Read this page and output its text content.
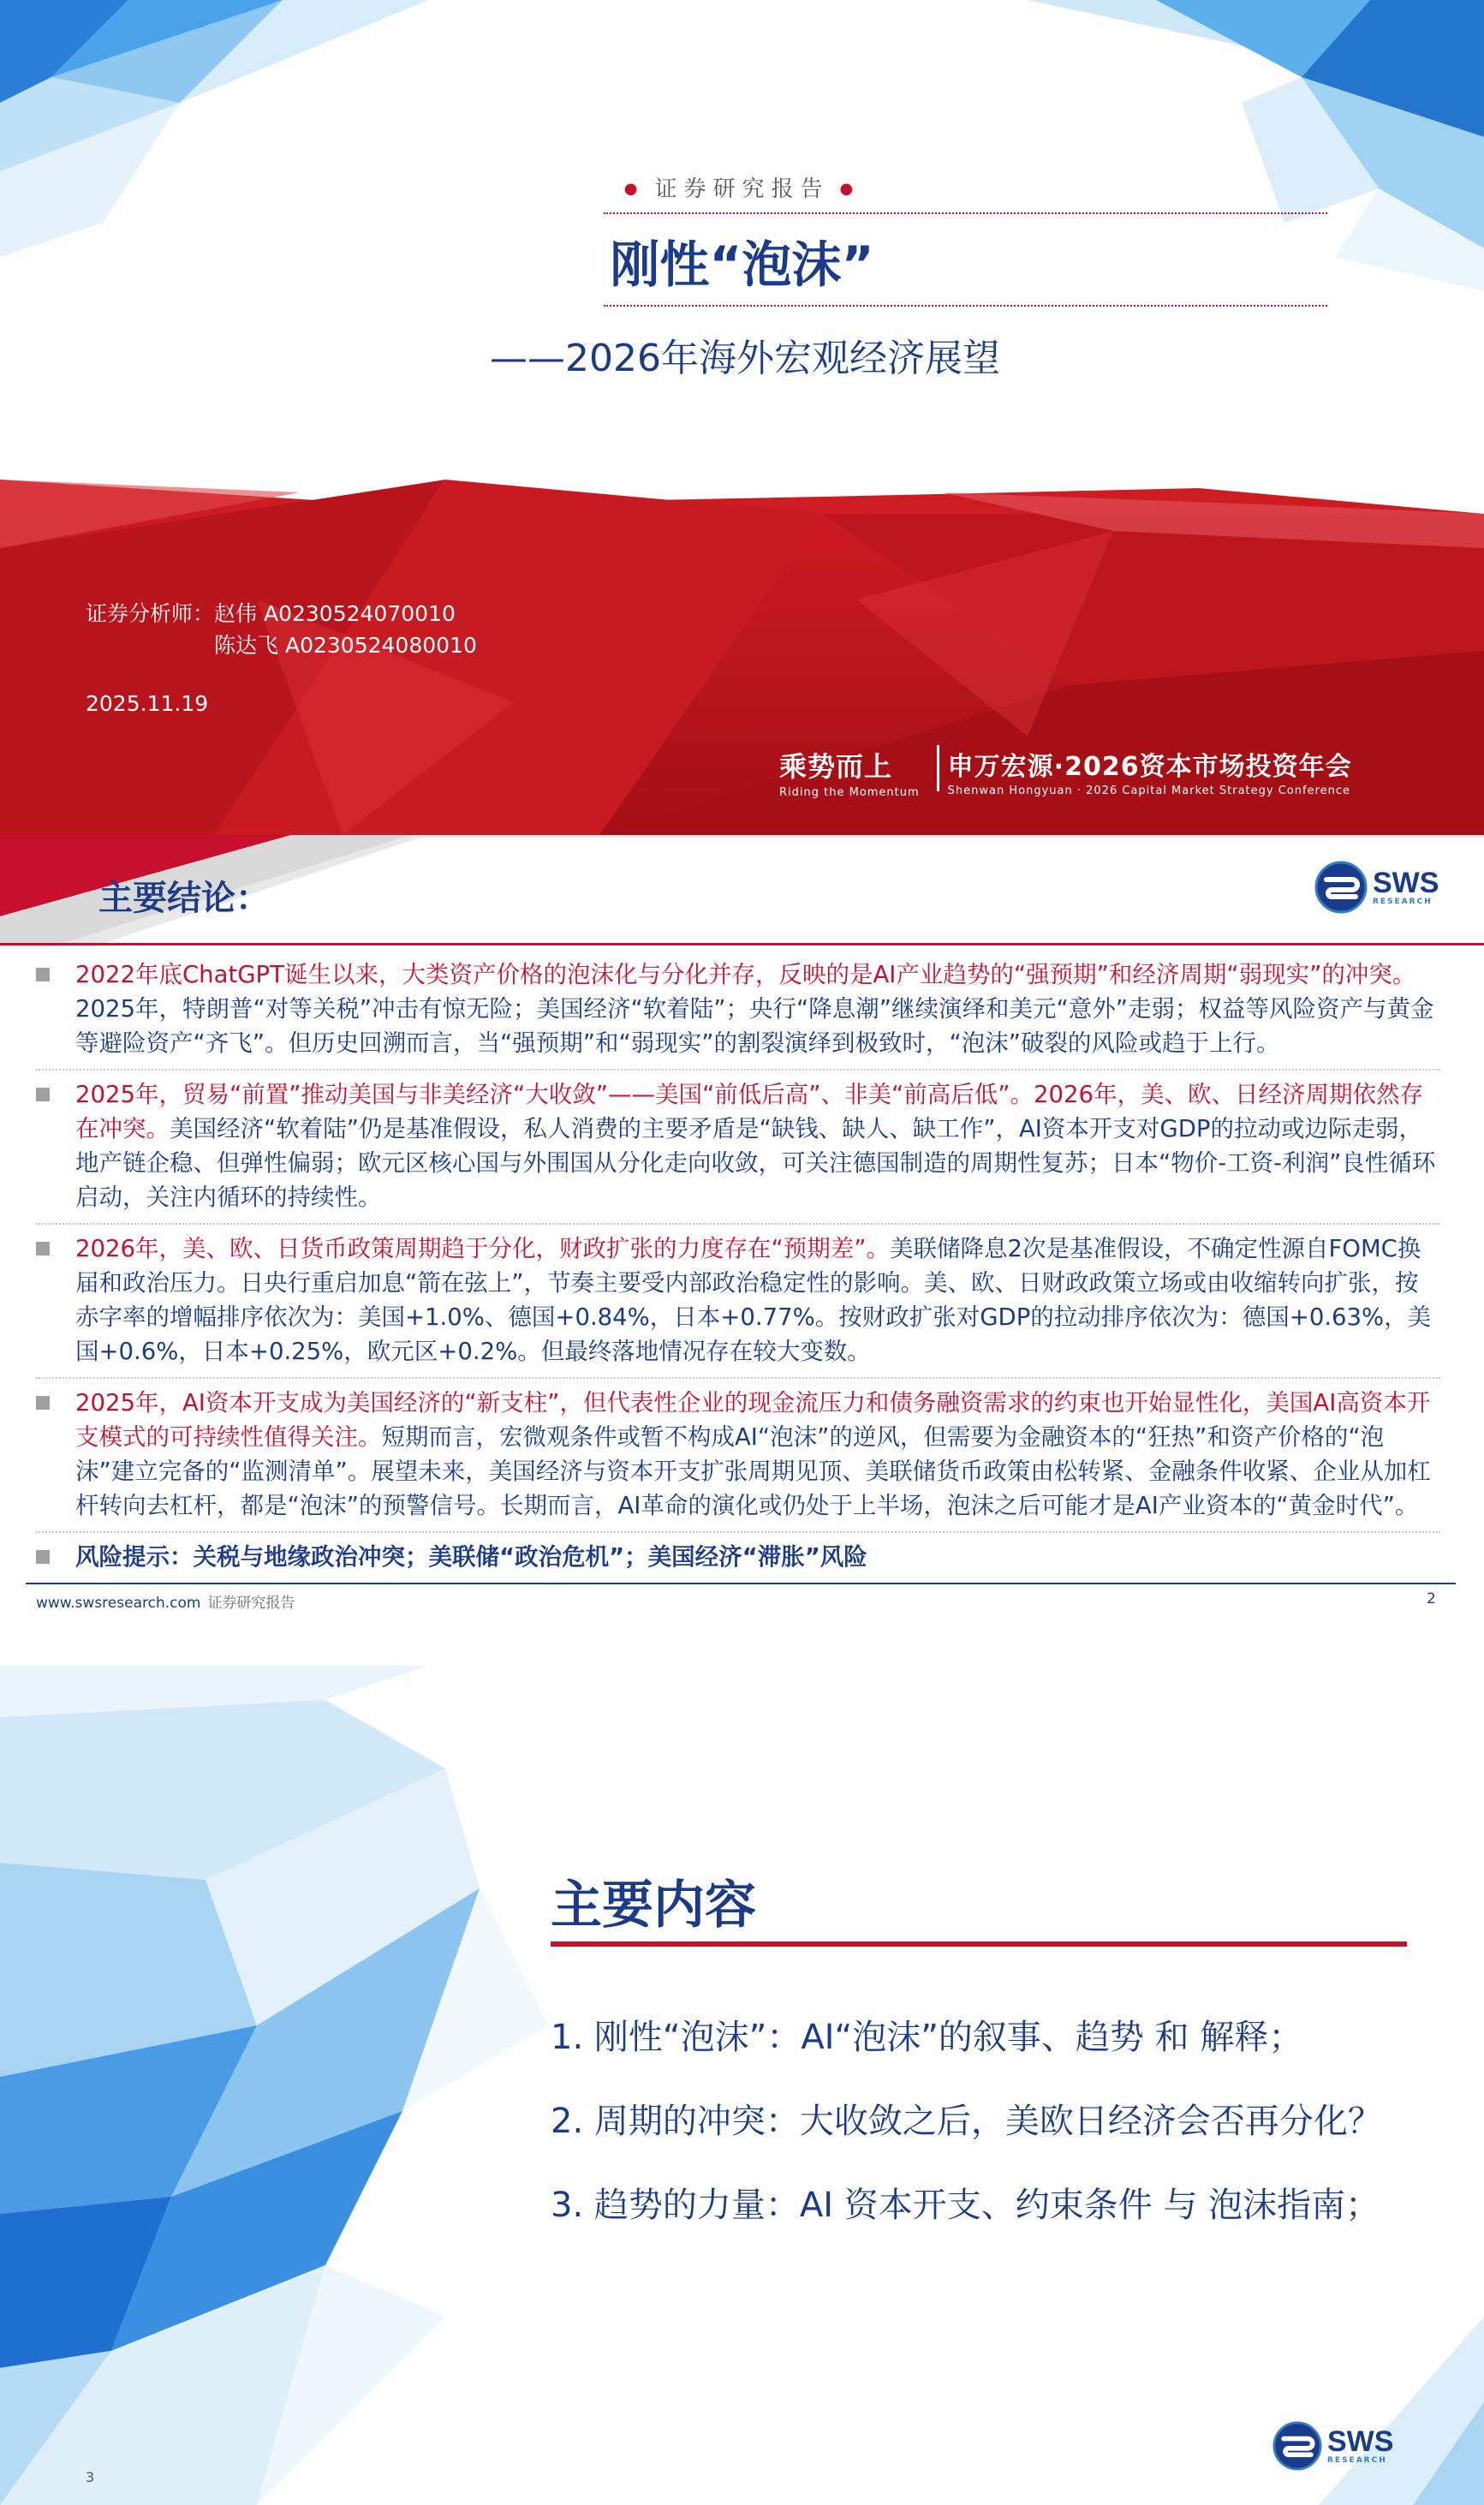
● 证券研究报告 ●
刚性“泡沫”
——2026年海外宏观经济展望
证券分析师： 赵伟 A0230524070010
陈达飞 A0230524080010
2025.11.19
乘势而上
Riding the Momentum
申万宏源·2026资本市场投资年会
Shenwan Hongyuan · 2026 Capital Market Strategy Conference
主要结论：	SWS
RESEARCH
2022年底ChatGPT诞生以来，大类资产价格的泡沫化与分化并存，反映的是AI产业趋势的“强预期”和经济周期“弱现实”的冲突。2025年，特朗普“对等关税”冲击有惊无险；美国经济“软着陆”；央行“降息潮”继续演绎和美元“意外”走弱；权益等风险资产与黄金等避险资产“齐飞”。但历史回溯而言，当“强预期”和“弱现实”的割裂演绎到极致时，“泡沫”破裂的风险或趋于上行。
2025年，贸易“前置”推动美国与非美经济“大收敛”——美国“前低后高”、非美“前高后低”。2026年，美、欧、日经济周期依然存在冲突。美国经济“软着陆”仍是基准假设，私人消费的主要矛盾是“缺钱、缺人、缺工作”，AI资本开支对GDP的拉动或边际走弱，地产链企稳、但弹性偏弱；欧元区核心国与外围国从分化走向收敛，可关注德国制造的周期性复苏；日本“物价-工资-利润”良性循环启动，关注内循环的持续性。
2026年，美、欧、日货币政策周期趋于分化，财政扩张的力度存在“预期差”。美联储降息2次是基准假设，不确定性源自FOMC换届和政治压力。日央行重启加息“箭在弦上”，节奏主要受内部政治稳定性的影响。美、欧、日财政政策立场或由收缩转向扩张，按赤字率的增幅排序依次为：美国+1.0%、德国+0.84%，日本+0.77%。按财政扩张对GDP的拉动排序依次为：德国+0.63%，美国+0.6%，日本+0.25%，欧元区+0.2%。但最终落地情况存在较大变数。
2025年，AI资本开支成为美国经济的“新支柱”，但代表性企业的现金流压力和债务融资需求的约束也开始显性化，美国AI高资本开支模式的可持续性值得关注。短期而言，宏微观条件或暂不构成AI“泡沫”的逆风，但需要为金融资本的“狂热”和资产价格的“泡沫”建立完备的“监测清单”。展望未来，美国经济与资本开支扩张周期见顶、美联储货币政策由松转紧、金融条件收紧、企业从加杠杆转向去杠杆，都是“泡沫”的预警信号。长期而言，AI革命的演化或仍处于上半场，泡沫之后可能才是AI产业资本的“黄金时代”。
风险提示：关税与地缘政治冲突；美联储“政治危机”；美国经济“滞胀”风险
www.swsresearch.com 证券研究报告	2
主要内容
1. 刚性“泡沫”：AI“泡沫”的叙事、趋势 和 解释；
2. 周期的冲突：大收敛之后，美欧日经济会否再分化？
3. 趋势的力量：AI 资本开支、约束条件 与 泡沫指南；
SWS
RESEARCH
3
